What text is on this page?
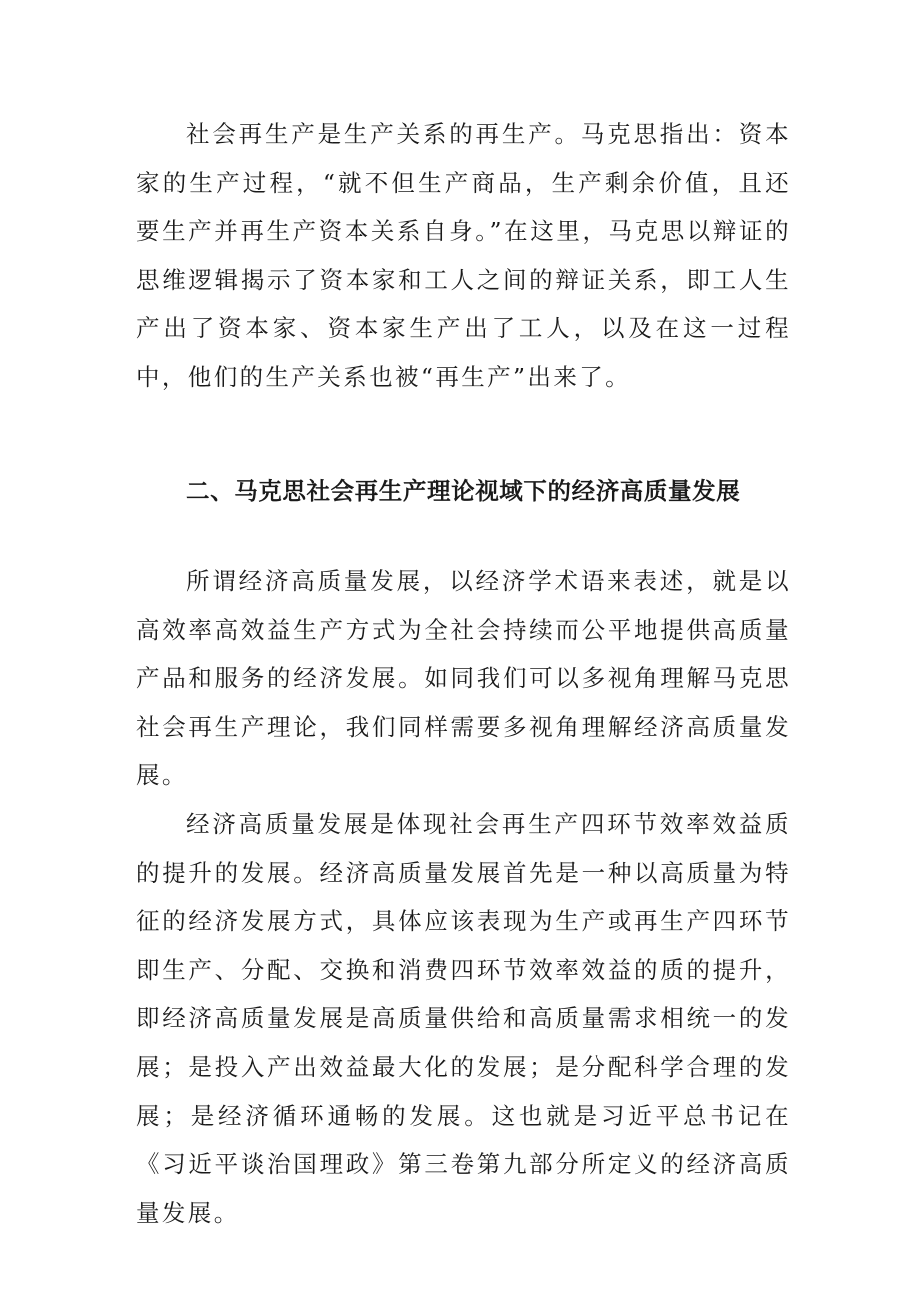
社会再生产是生产关系的再生产。马克思指出：资本家的生产过程，“就不但生产商品，生产剩余价值，且还要生产并再生产资本关系自身。”在这里，马克思以辩证的思维逻辑揭示了资本家和工人之间的辩证关系，即工人生产出了资本家、资本家生产出了工人，以及在这一过程中，他们的生产关系也被“再生产”出来了。

二、马克思社会再生产理论视域下的经济高质量发展

所谓经济高质量发展，以经济学术语来表述，就是以高效率高效益生产方式为全社会持续而公平地提供高质量产品和服务的经济发展。如同我们可以多视角理解马克思社会再生产理论，我们同样需要多视角理解经济高质量发展。

经济高质量发展是体现社会再生产四环节效率效益质的提升的发展。经济高质量发展首先是一种以高质量为特征的经济发展方式，具体应该表现为生产或再生产四环节即生产、分配、交换和消费四环节效率效益的质的提升，即经济高质量发展是高质量供给和高质量需求相统一的发展；是投入产出效益最大化的发展；是分配科学合理的发展；是经济循环通畅的发展。这也就是习近平总书记在《习近平谈治国理政》第三卷第九部分所定义的经济高质量发展。
